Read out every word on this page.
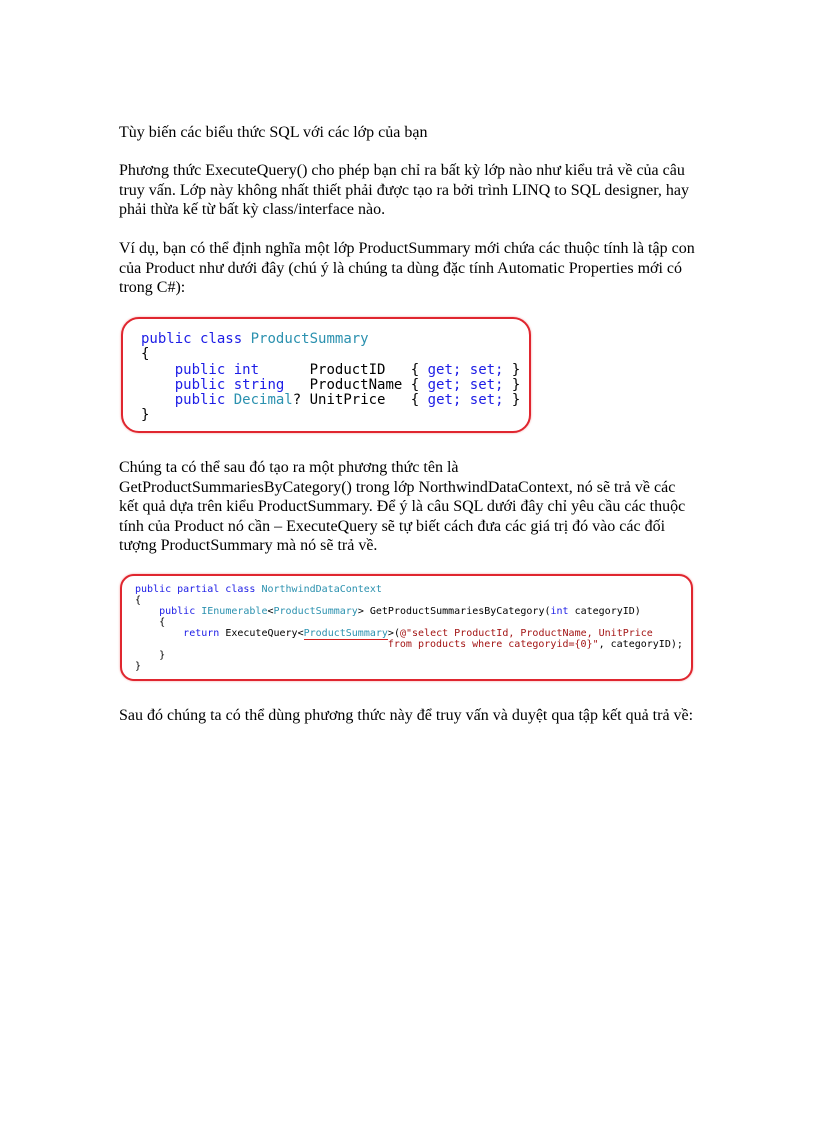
Tùy biến các biểu thức SQL với các lớp của bạn

Phương thức ExecuteQuery() cho phép bạn chỉ ra bất kỳ lớp nào như kiểu trả về của câu
truy vấn. Lớp này không nhất thiết phải được tạo ra bởi trình LINQ to SQL designer, hay
phải thừa kế từ bất kỳ class/interface nào.

Ví dụ, bạn có thể định nghĩa một lớp ProductSummary mới chứa các thuộc tính là tập con
của Product như dưới đây (chú ý là chúng ta dùng đặc tính Automatic Properties mới có
trong C#):

public class ProductSummary

{

public int	ProductID   { get; set; }

public string ProductName { get; set; }

public Decimal? UnitPrice   { get; set; }

}

Chúng ta có thể sau đó tạo ra một phương thức tên là
GetProductSummariesByCategory() trong lớp NorthwindDataContext, nó sẽ trả về các
kết quả dựa trên kiểu ProductSummary. Để ý là câu SQL dưới đây chỉ yêu cầu các thuộc
tính của Product nó cần – ExecuteQuery sẽ tự biết cách đưa các giá trị đó vào các đối
tượng ProductSummary mà nó sẽ trả về.

public partial class NorthwindDataContext

{

public IEnumerable<ProductSummary> GetProductSummariesByCategory(int categoryID)

{

return ExecuteQuery<ProductSummary>(@"select ProductId, ProductName, UnitPrice

from products where categoryid={0}", categoryID);

}

}

Sau đó chúng ta có thể dùng phương thức này để truy vấn và duyệt qua tập kết quả trả về:
